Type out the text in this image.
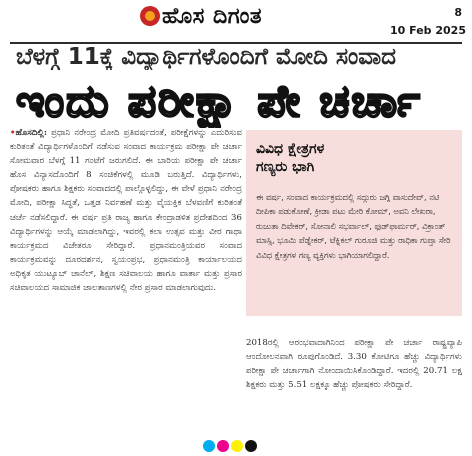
ಹೊಸ ದಿಗಂತ	8
10 Feb 2025
ಬೆಳಗ್ಗೆ 11ಕ್ಕೆ ವಿದ್ಯಾರ್ಥಿಗಳೊಂದಿಗೆ ಮೋದಿ ಸಂವಾದ
ಇಂದು ಪರೀಕ್ಷಾ ಪೇ ಚರ್ಚಾ
•ಹೊಸದಿಲ್ಲಿ: ಪ್ರಧಾನಿ ನರೇಂದ್ರ ಮೋದಿ ಪ್ರತಿವರ್ಷದಂತೆ, ಪರೀಕ್ಷೆಗಳನ್ನು ಎದುರಿಸುವ ಕುರಿತಂತೆ ವಿದ್ಯಾರ್ಥಿಗಳೊಂದಿಗೆ ನಡೆಸುವ ಸಂವಾದ ಕಾರ್ಯಕ್ರಮ ಪರೀಕ್ಷಾ ಪೇ ಚರ್ಚಾ ಸೋಮವಾರ ಬೆಳಗ್ಗೆ 11 ಗಂಟೆಗೆ ಜರುಗಲಿದೆ. ಈ ಬಾರಿಯ ಪರೀಕ್ಷಾ ಪೇ ಚರ್ಚಾ ಹೊಸ ವಿನ್ಯಾಸದೊಂದಿಗೆ 8 ಸಂಚಿಕೆಗಳಲ್ಲಿ ಮೂಡಿ ಬರುತ್ತಿದೆ. ವಿದ್ಯಾರ್ಥಿಗಳು, ಪೋಷಕರು ಹಾಗೂ ಶಿಕ್ಷಕರು ಸಂವಾದದಲ್ಲಿ ಪಾಲ್ಗೊಳ್ಳಲಿದ್ದು, ಈ ವೇಳೆ ಪ್ರಧಾನಿ ನರೇಂದ್ರ ಮೋದಿ, ಪರೀಕ್ಷಾ ಸಿದ್ಧತೆ, ಒತ್ತಡ ನಿರ್ವಹಣೆ ಮತ್ತು ವೈಯಕ್ತಿಕ ಬೆಳವಣಿಗೆ ಕುರಿತಂತೆ ಚರ್ಚೆ ನಡೆಸಲಿದ್ದಾರೆ. ಈ ವರ್ಷ ಪ್ರತಿ ರಾಜ್ಯ ಹಾಗೂ ಕೇಂದ್ರಾಡಳಿತ ಪ್ರದೇಶದಿಂದ 36 ವಿದ್ಯಾರ್ಥಿಗಳನ್ನು ಆಯ್ಕೆ ಮಾಡಲಾಗಿದ್ದು, ಇವರಲ್ಲಿ ಕಲಾ ಉತ್ಸವ ಮತ್ತು ವೀರ ಗಾಥಾ ಕಾರ್ಯಕ್ರಮದ ವಿಜೇತರೂ ಸೇರಿದ್ದಾರೆ. ಪ್ರಧಾನಮಂತ್ರಿಯವರ ಸಂವಾದ ಕಾರ್ಯಕ್ರಮವನ್ನು ದೂರದರ್ಶನ, ಸ್ವಯಂಪ್ರಭ, ಪ್ರಧಾನಮಂತ್ರಿ ಕಾರ್ಯಾಲಯದ ಅಧಿಕೃತ ಯುಟ್ಯೂಬ್ ಚಾನೆಲ್, ಶಿಕ್ಷಣ ಸಚಿವಾಲಯ ಹಾಗೂ ವಾರ್ತಾ ಮತ್ತು ಪ್ರಸಾರ ಸಚಿವಾಲಯದ ಸಾಮಾಜಿಕ ಜಾಲತಾಣಗಳಲ್ಲಿ ನೇರ ಪ್ರಸಾರ ಮಾಡಲಾಗುವುದು.
ವಿವಿಧ ಕ್ಷೇತ್ರಗಳ
ಗಣ್ಯರು ಭಾಗಿ
ಈ ವರ್ಷ, ಸಂವಾದ ಕಾರ್ಯಕ್ರಮದಲ್ಲಿ ಸದ್ಗುರು ಜಗ್ಗಿ ವಾಸುದೇವ್, ನಟಿ ದೀಪಿಕಾ ಪಡುಕೋಣೆ, ಕ್ರೀಡಾ ಪಟು ಮೇರಿ ಕೋಮ್, ಅವನಿ ಲೇಖರಾ, ರುಜುತಾ ದಿವೇಕರ್, ಸೋನಾಲಿ ಸಭರ್ವಾಲ್, ಫುಡ್‌ಫಾರ್ಮರ್, ವಿಕ್ರಾಂತ್ ಮಾಸ್ಸಿ, ಭೂಮಿ ಪೆಡ್ನೇಕರ್, ಟೆಕ್ನಿಕಲ್ ಗುರೂಜಿ ಮತ್ತು ರಾಧಿಕಾ ಗುಪ್ತಾ ಸೇರಿ ವಿವಿಧ ಕ್ಷೇತ್ರಗಳ ಗಣ್ಯ ವ್ಯಕ್ತಿಗಳು ಭಾಗಿಯಾಗಲಿದ್ದಾರೆ.
2018ರಲ್ಲಿ ಆರಂಭವಾದಾಗಿನಿಂದ ಪರೀಕ್ಷಾ ಪೇ ಚರ್ಚಾ ರಾಷ್ಟ್ರವ್ಯಾಪಿ ಆಂದೋಲನವಾಗಿ ರೂಪುಗೊಂಡಿದೆ. 3.30 ಕೋಟಿಗೂ ಹೆಚ್ಚು ವಿದ್ಯಾರ್ಥಿಗಳು ಪರೀಕ್ಷಾ ಪೇ ಚರ್ಚಾಗಾಗಿ ನೋಂದಾಯಿಸಿಕೊಂಡಿದ್ದಾರೆ. ಇದರಲ್ಲಿ 20.71 ಲಕ್ಷ ಶಿಕ್ಷಕರು ಮತ್ತು 5.51 ಲಕ್ಷಕ್ಕೂ ಹೆಚ್ಚು ಪೋಷಕರು ಸೇರಿದ್ದಾರೆ.
